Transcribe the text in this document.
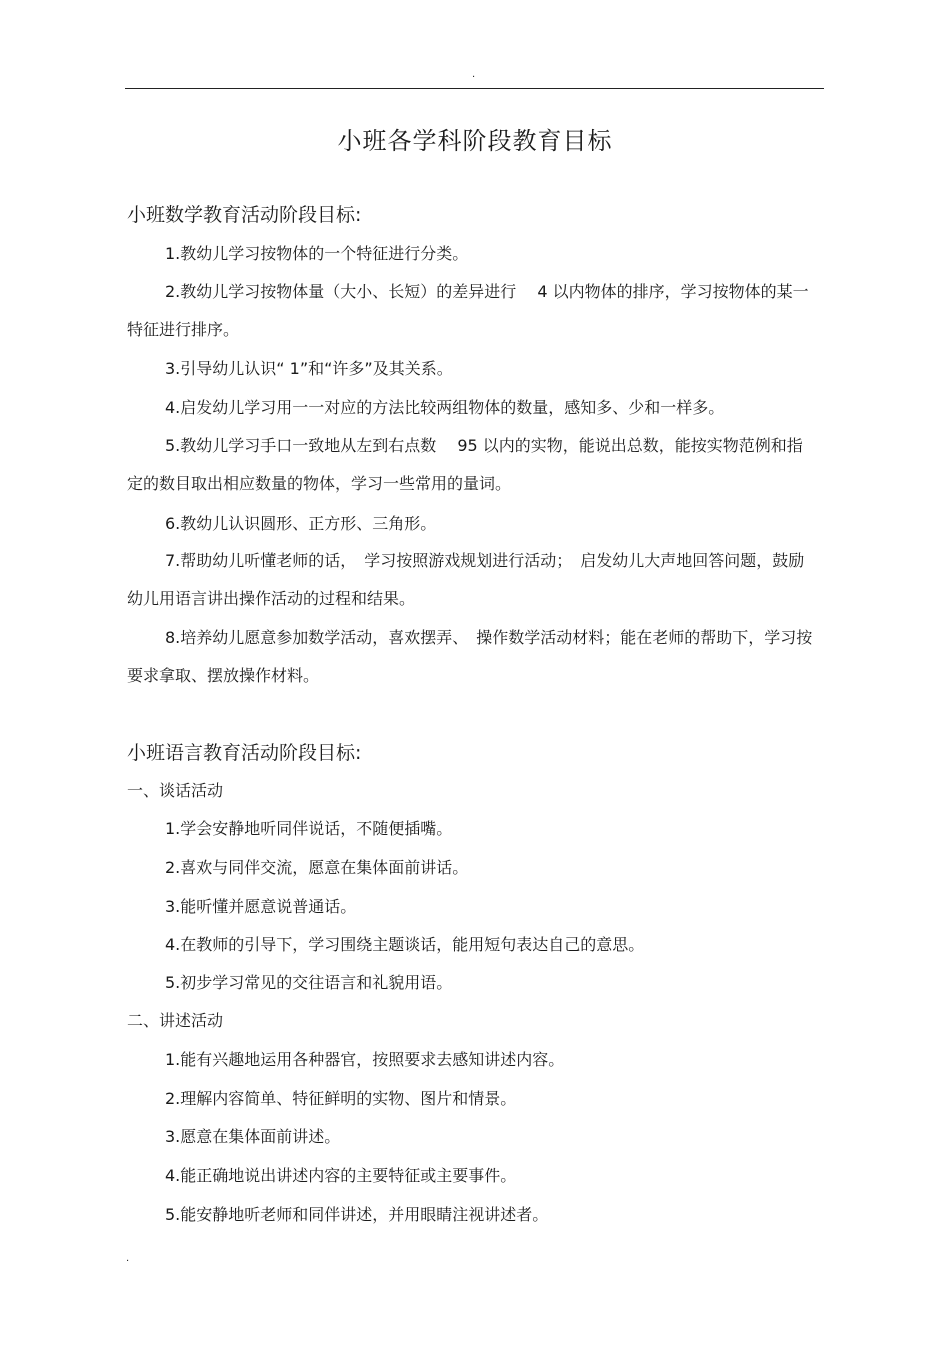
.
小班各学科阶段教育目标
小班数学教育活动阶段目标:

1.教幼儿学习按物体的一个特征进行分类。

2.教幼儿学习按物体量（大小、长短）的差异进行　 4 以内物体的排序，学习按物体的某一特征进行排序。

3.引导幼儿认识“ 1”和“许多”及其关系。

4.启发幼儿学习用一一对应的方法比较两组物体的数量，感知多、少和一样多。

5.教幼儿学习手口一致地从左到右点数　 95 以内的实物，能说出总数，能按实物范例和指定的数目取出相应数量的物体，学习一些常用的量词。

6.教幼儿认识圆形、正方形、三角形。

7.帮助幼儿听懂老师的话，　学习按照游戏规划进行活动；　启发幼儿大声地回答问题，鼓励幼儿用语言讲出操作活动的过程和结果。

8.培养幼儿愿意参加数学活动，喜欢摆弄、　操作数学活动材料；能在老师的帮助下，学习按要求拿取、摆放操作材料。

小班语言教育活动阶段目标:

一、谈话活动

1.学会安静地听同伴说话，不随便插嘴。

2.喜欢与同伴交流，愿意在集体面前讲话。

3.能听懂并愿意说普通话。

4.在教师的引导下，学习围绕主题谈话，能用短句表达自己的意思。

5.初步学习常见的交往语言和礼貌用语。

二、讲述活动

1.能有兴趣地运用各种器官，按照要求去感知讲述内容。

2.理解内容简单、特征鲜明的实物、图片和情景。

3.愿意在集体面前讲述。

4.能正确地说出讲述内容的主要特征或主要事件。

5.能安静地听老师和同伴讲述，并用眼睛注视讲述者。

.
